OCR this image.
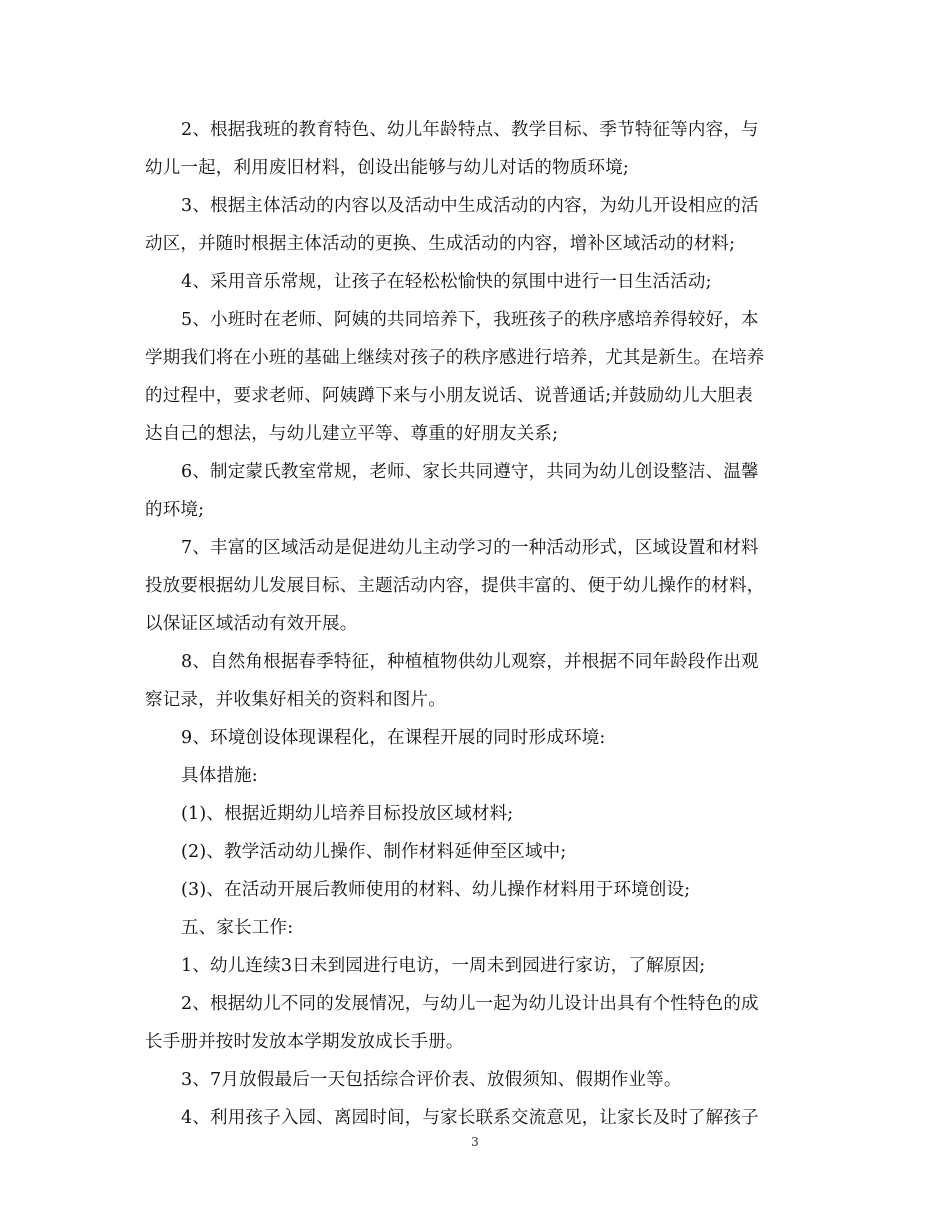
2、根据我班的教育特色、幼儿年龄特点、教学目标、季节特征等内容，与
幼儿一起，利用废旧材料，创设出能够与幼儿对话的物质环境;
3、根据主体活动的内容以及活动中生成活动的内容，为幼儿开设相应的活
动区，并随时根据主体活动的更换、生成活动的内容，增补区域活动的材料;
4、采用音乐常规，让孩子在轻松松愉快的氛围中进行一日生活活动;
5、小班时在老师、阿姨的共同培养下，我班孩子的秩序感培养得较好，本
学期我们将在小班的基础上继续对孩子的秩序感进行培养，尤其是新生。在培养
的过程中，要求老师、阿姨蹲下来与小朋友说话、说普通话;并鼓励幼儿大胆表
达自己的想法，与幼儿建立平等、尊重的好朋友关系;
6、制定蒙氏教室常规，老师、家长共同遵守，共同为幼儿创设整洁、温馨
的环境;
7、丰富的区域活动是促进幼儿主动学习的一种活动形式，区域设置和材料
投放要根据幼儿发展目标、主题活动内容，提供丰富的、便于幼儿操作的材料，
以保证区域活动有效开展。
8、自然角根据春季特征，种植植物供幼儿观察，并根据不同年龄段作出观
察记录，并收集好相关的资料和图片。
9、环境创设体现课程化，在课程开展的同时形成环境:
具体措施:
(1)、根据近期幼儿培养目标投放区域材料;
(2)、教学活动幼儿操作、制作材料延伸至区域中;
(3)、在活动开展后教师使用的材料、幼儿操作材料用于环境创设;
五、家长工作:
1、幼儿连续3日未到园进行电访，一周未到园进行家访，了解原因;
2、根据幼儿不同的发展情况，与幼儿一起为幼儿设计出具有个性特色的成
长手册并按时发放本学期发放成长手册。
3、7月放假最后一天包括综合评价表、放假须知、假期作业等。
4、利用孩子入园、离园时间，与家长联系交流意见，让家长及时了解孩子
3
